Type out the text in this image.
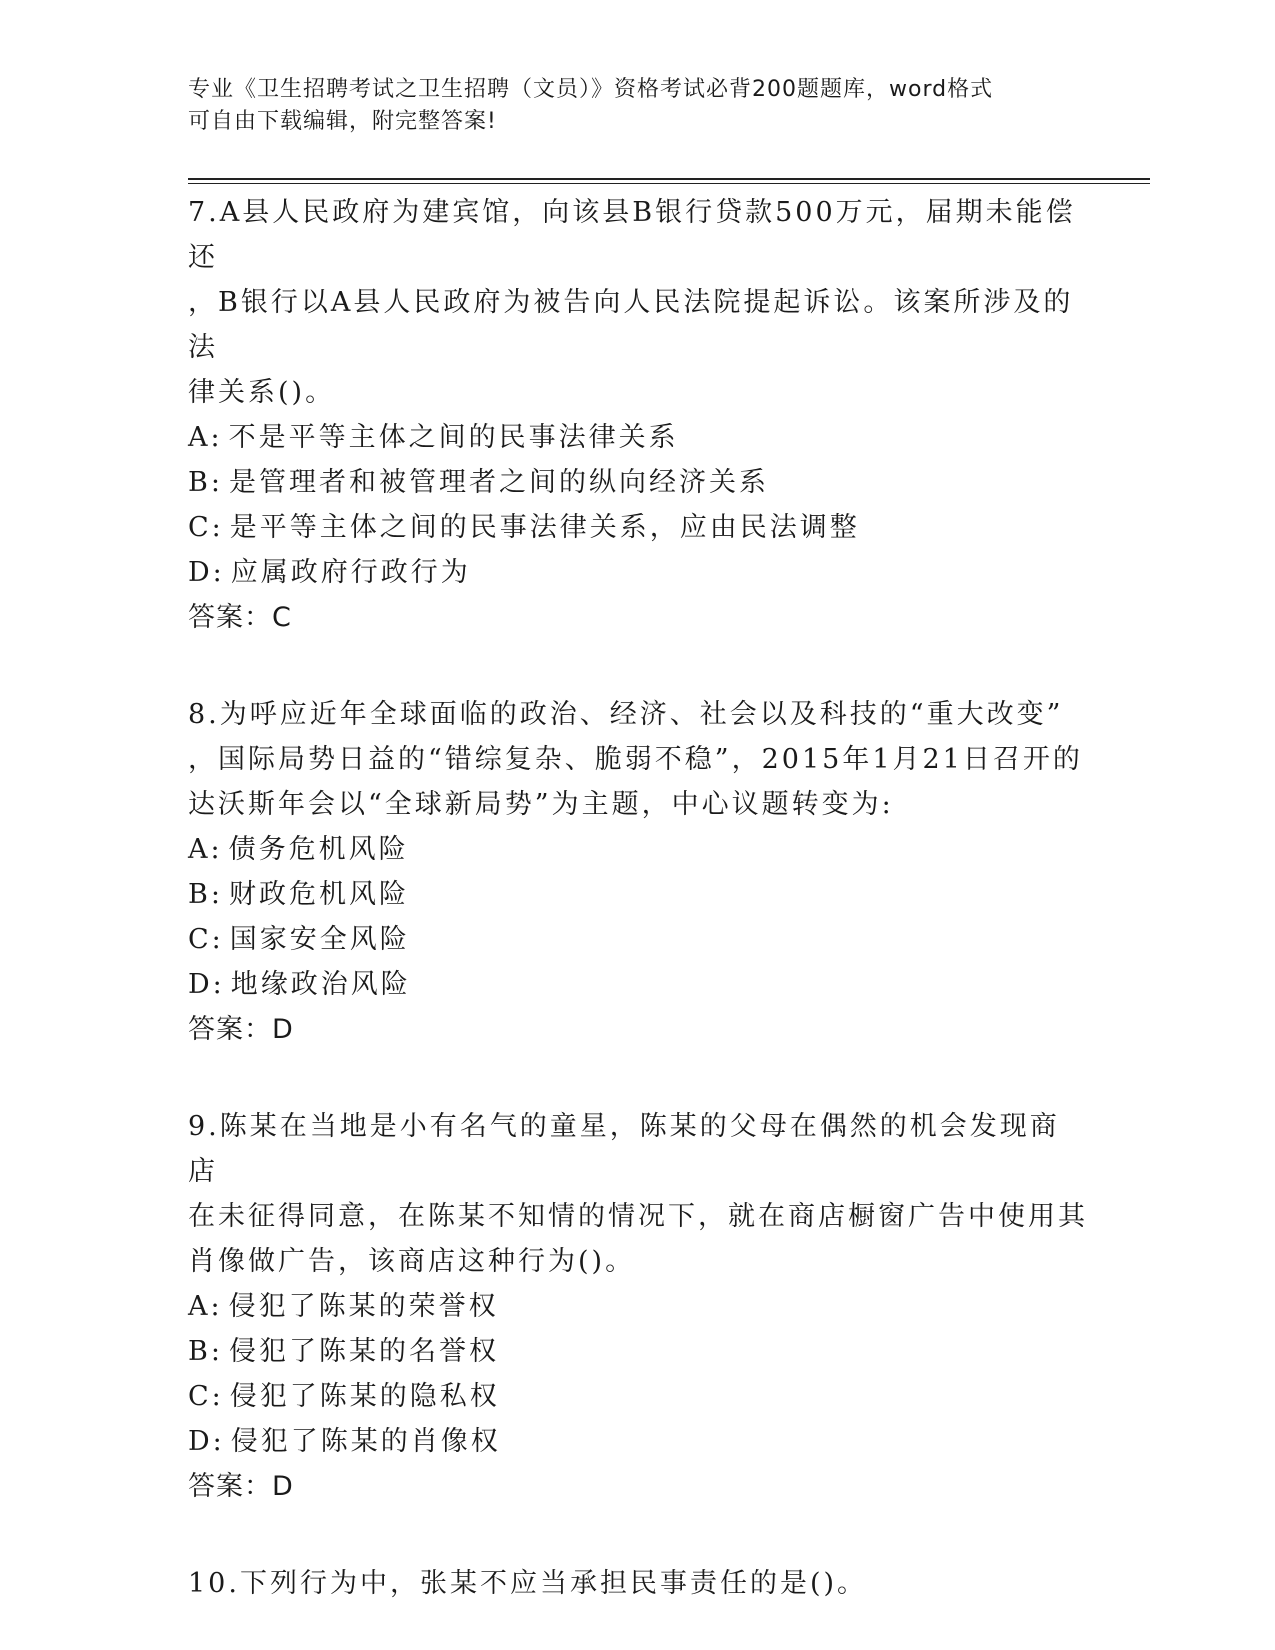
专业《卫生招聘考试之卫生招聘（文员）》资格考试必背200题题库，word格式
可自由下载编辑，附完整答案!
7.A县人民政府为建宾馆，向该县B银行贷款500万元，届期未能偿还
，B银行以A县人民政府为被告向人民法院提起诉讼。该案所涉及的法
律关系()。
A: 不是平等主体之间的民事法律关系
B: 是管理者和被管理者之间的纵向经济关系
C: 是平等主体之间的民事法律关系，应由民法调整
D: 应属政府行政行为
答案：C
8.为呼应近年全球面临的政治、经济、社会以及科技的“重大改变”
，国际局势日益的“错综复杂、脆弱不稳”，2015年1月21日召开的
达沃斯年会以“全球新局势”为主题，中心议题转变为:
A: 债务危机风险
B: 财政危机风险
C: 国家安全风险
D: 地缘政治风险
答案：D
9.陈某在当地是小有名气的童星，陈某的父母在偶然的机会发现商店
在未征得同意，在陈某不知情的情况下，就在商店橱窗广告中使用其
肖像做广告，该商店这种行为()。
A: 侵犯了陈某的荣誉权
B: 侵犯了陈某的名誉权
C: 侵犯了陈某的隐私权
D: 侵犯了陈某的肖像权
答案：D
10.下列行为中，张某不应当承担民事责任的是()。
